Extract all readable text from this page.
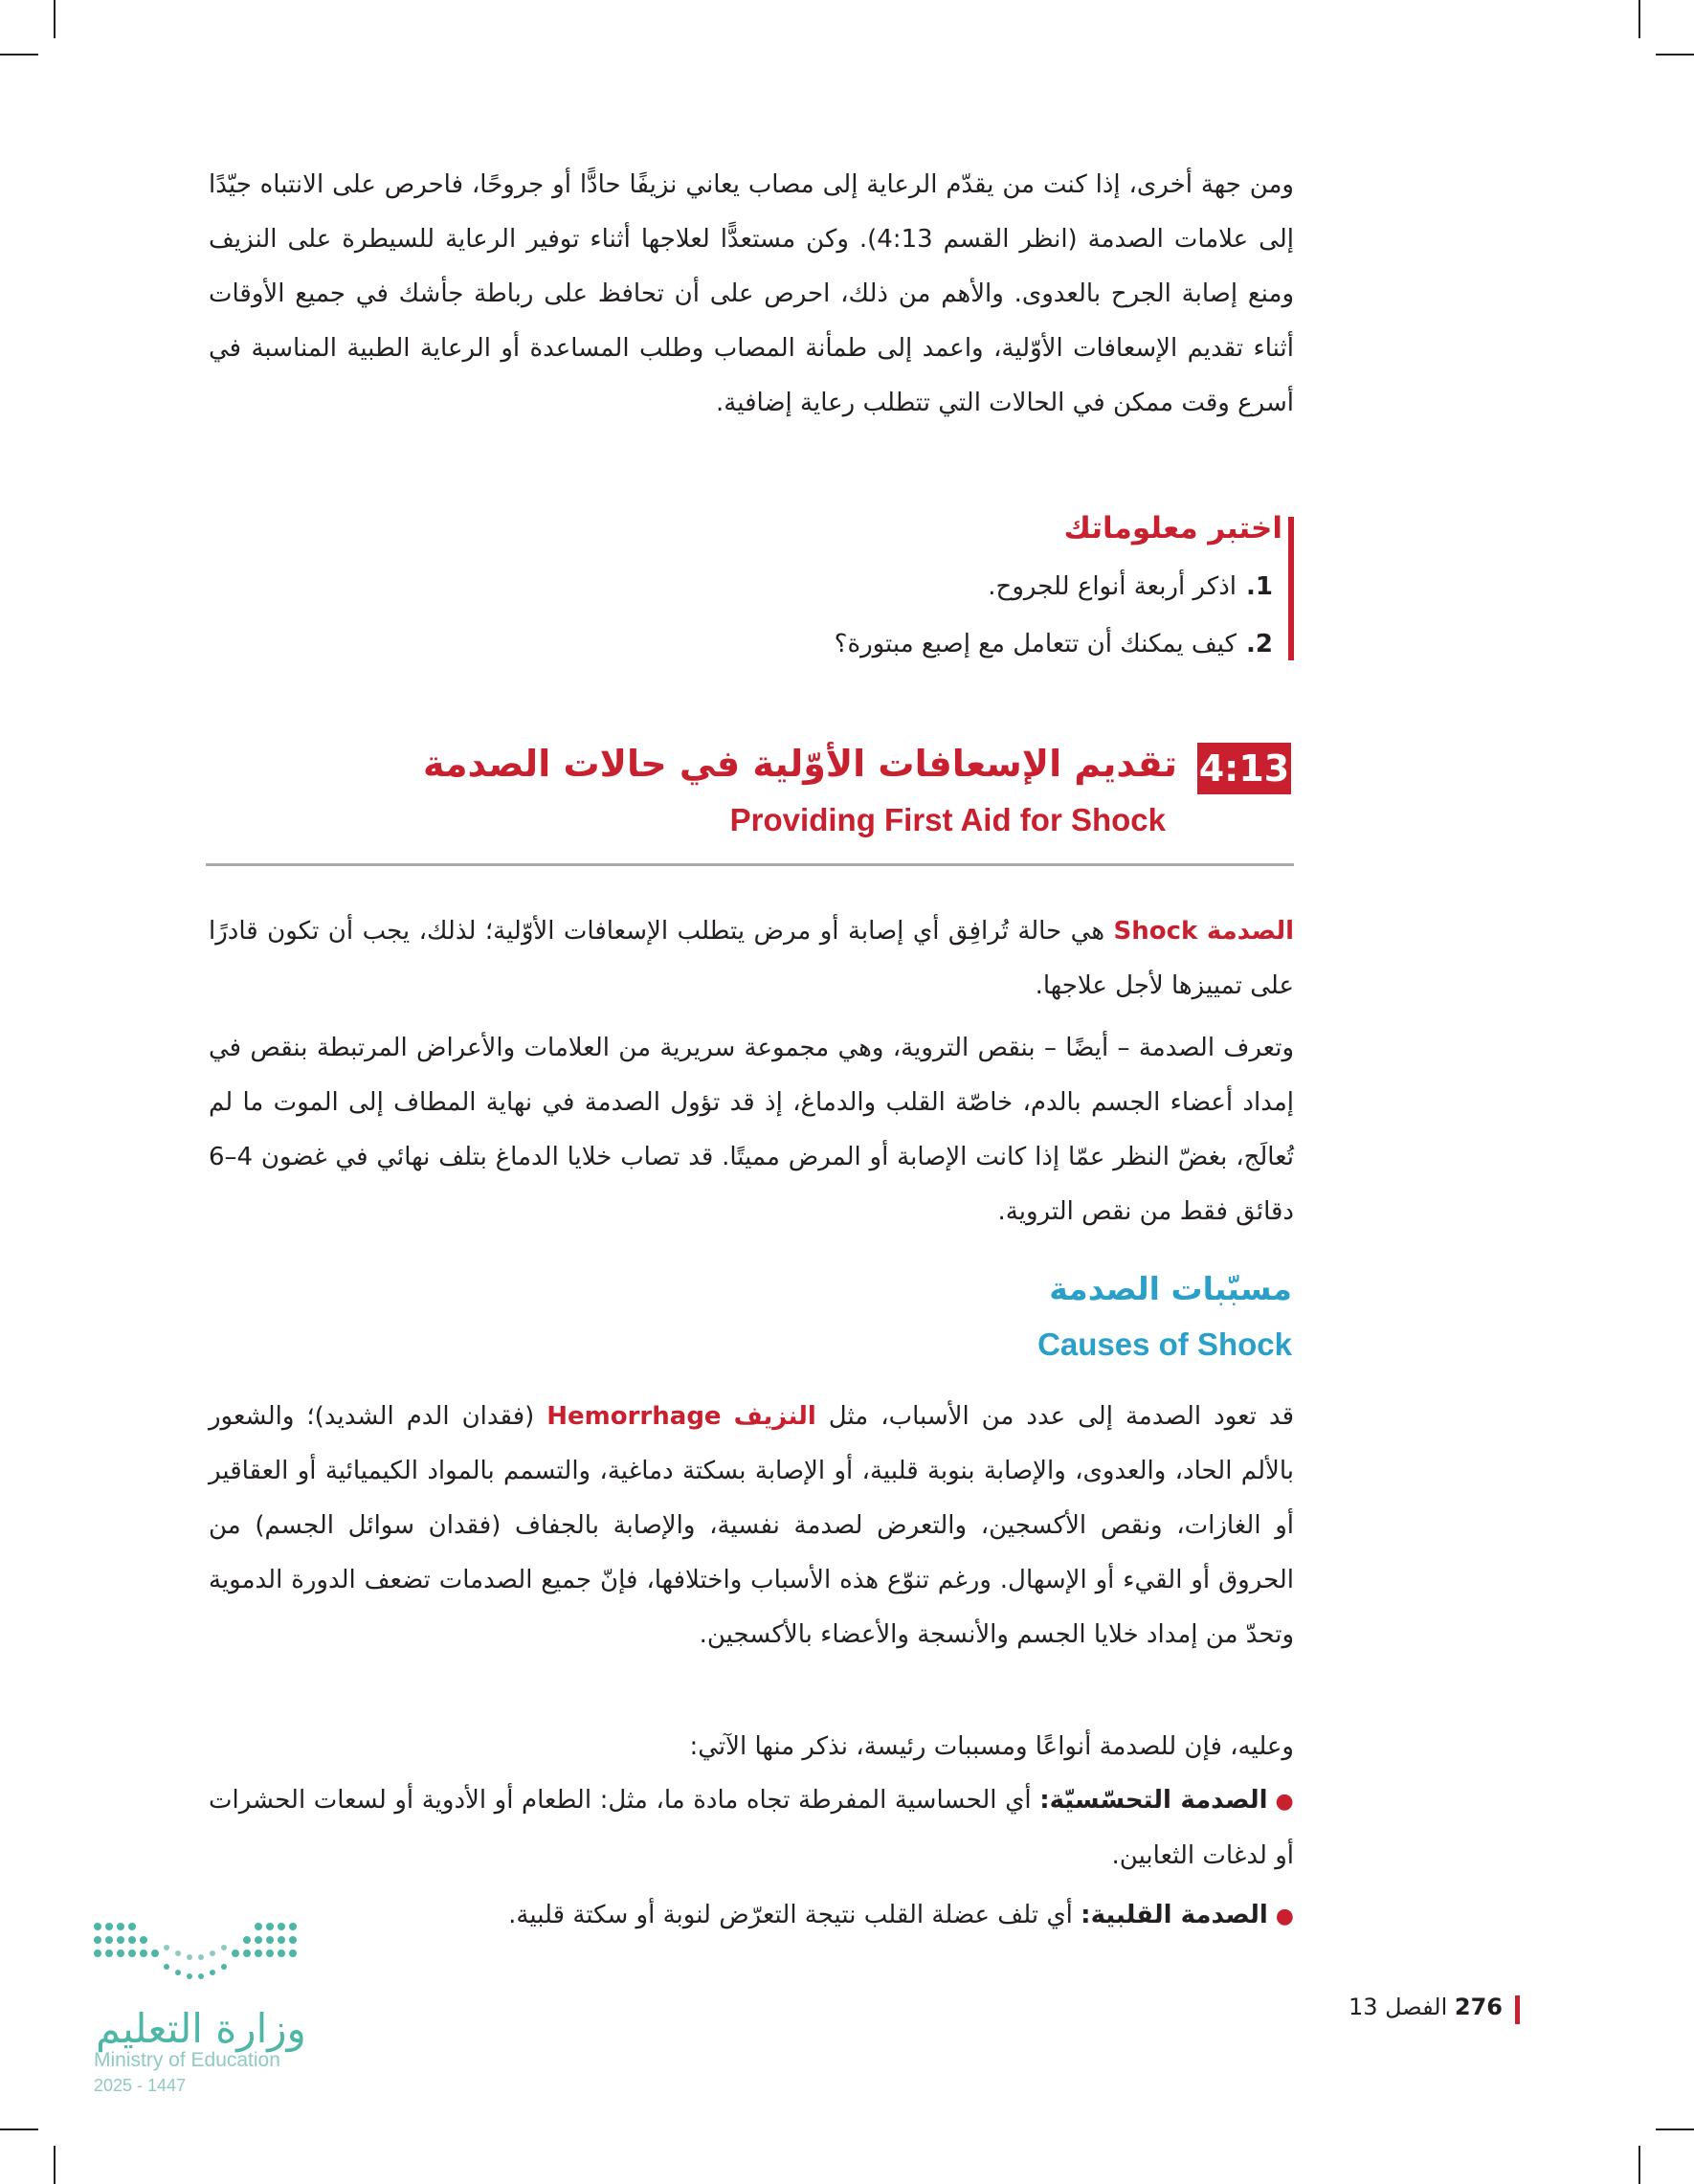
ومن جهة أخرى، إذا كنت من يقدّم الرعاية إلى مصاب يعاني نزيفًا حادًّا أو جروحًا، فاحرص على الانتباه جيّدًا إلى علامات الصدمة (انظر القسم 4:13). وكن مستعدًّا لعلاجها أثناء توفير الرعاية للسيطرة على النزيف ومنع إصابة الجرح بالعدوى. والأهم من ذلك، احرص على أن تحافظ على رباطة جأشك في جميع الأوقات أثناء تقديم الإسعافات الأوّلية، واعمد إلى طمأنة المصاب وطلب المساعدة أو الرعاية الطبية المناسبة في أسرع وقت ممكن في الحالات التي تتطلب رعاية إضافية.

اختبر معلوماتك
1.اذكر أربعة أنواع للجروح.
2.كيف يمكنك أن تتعامل مع إصبع مبتورة؟
4:13
تقديم الإسعافات الأوّلية في حالات الصدمة
Providing First Aid for Shock

الصدمة Shock هي حالة تُرافِق أي إصابة أو مرض يتطلب الإسعافات الأوّلية؛ لذلك، يجب أن تكون قادرًا على تمييزها لأجل علاجها.

وتعرف الصدمة – أيضًا – بنقص التروية، وهي مجموعة سريرية من العلامات والأعراض المرتبطة بنقص في إمداد أعضاء الجسم بالدم، خاصّة القلب والدماغ، إذ قد تؤول الصدمة في نهاية المطاف إلى الموت ما لم تُعالَج، بغضّ النظر عمّا إذا كانت الإصابة أو المرض مميتًا. قد تصاب خلايا الدماغ بتلف نهائي في غضون 4–6 دقائق فقط من نقص التروية.

مسبّبات الصدمة
Causes of Shock

قد تعود الصدمة إلى عدد من الأسباب، مثل النزيف Hemorrhage (فقدان الدم الشديد)؛ والشعور بالألم الحاد، والعدوى، والإصابة بنوبة قلبية، أو الإصابة بسكتة دماغية، والتسمم بالمواد الكيميائية أو العقاقير أو الغازات، ونقص الأكسجين، والتعرض لصدمة نفسية، والإصابة بالجفاف (فقدان سوائل الجسم) من الحروق أو القيء أو الإسهال. ورغم تنوّع هذه الأسباب واختلافها، فإنّ جميع الصدمات تضعف الدورة الدموية وتحدّ من إمداد خلايا الجسم والأنسجة والأعضاء بالأكسجين.

وعليه، فإن للصدمة أنواعًا ومسببات رئيسة، نذكر منها الآتي:

●الصدمة التحسّسيّة: أي الحساسية المفرطة تجاه مادة ما، مثل: الطعام أو الأدوية أو لسعات الحشرات أو لدغات الثعابين.
●الصدمة القلبية: أي تلف عضلة القلب نتيجة التعرّض لنوبة أو سكتة قلبية.
وزارة التعليم
Ministry of Education
2025 - 1447
276 الفصل 13
